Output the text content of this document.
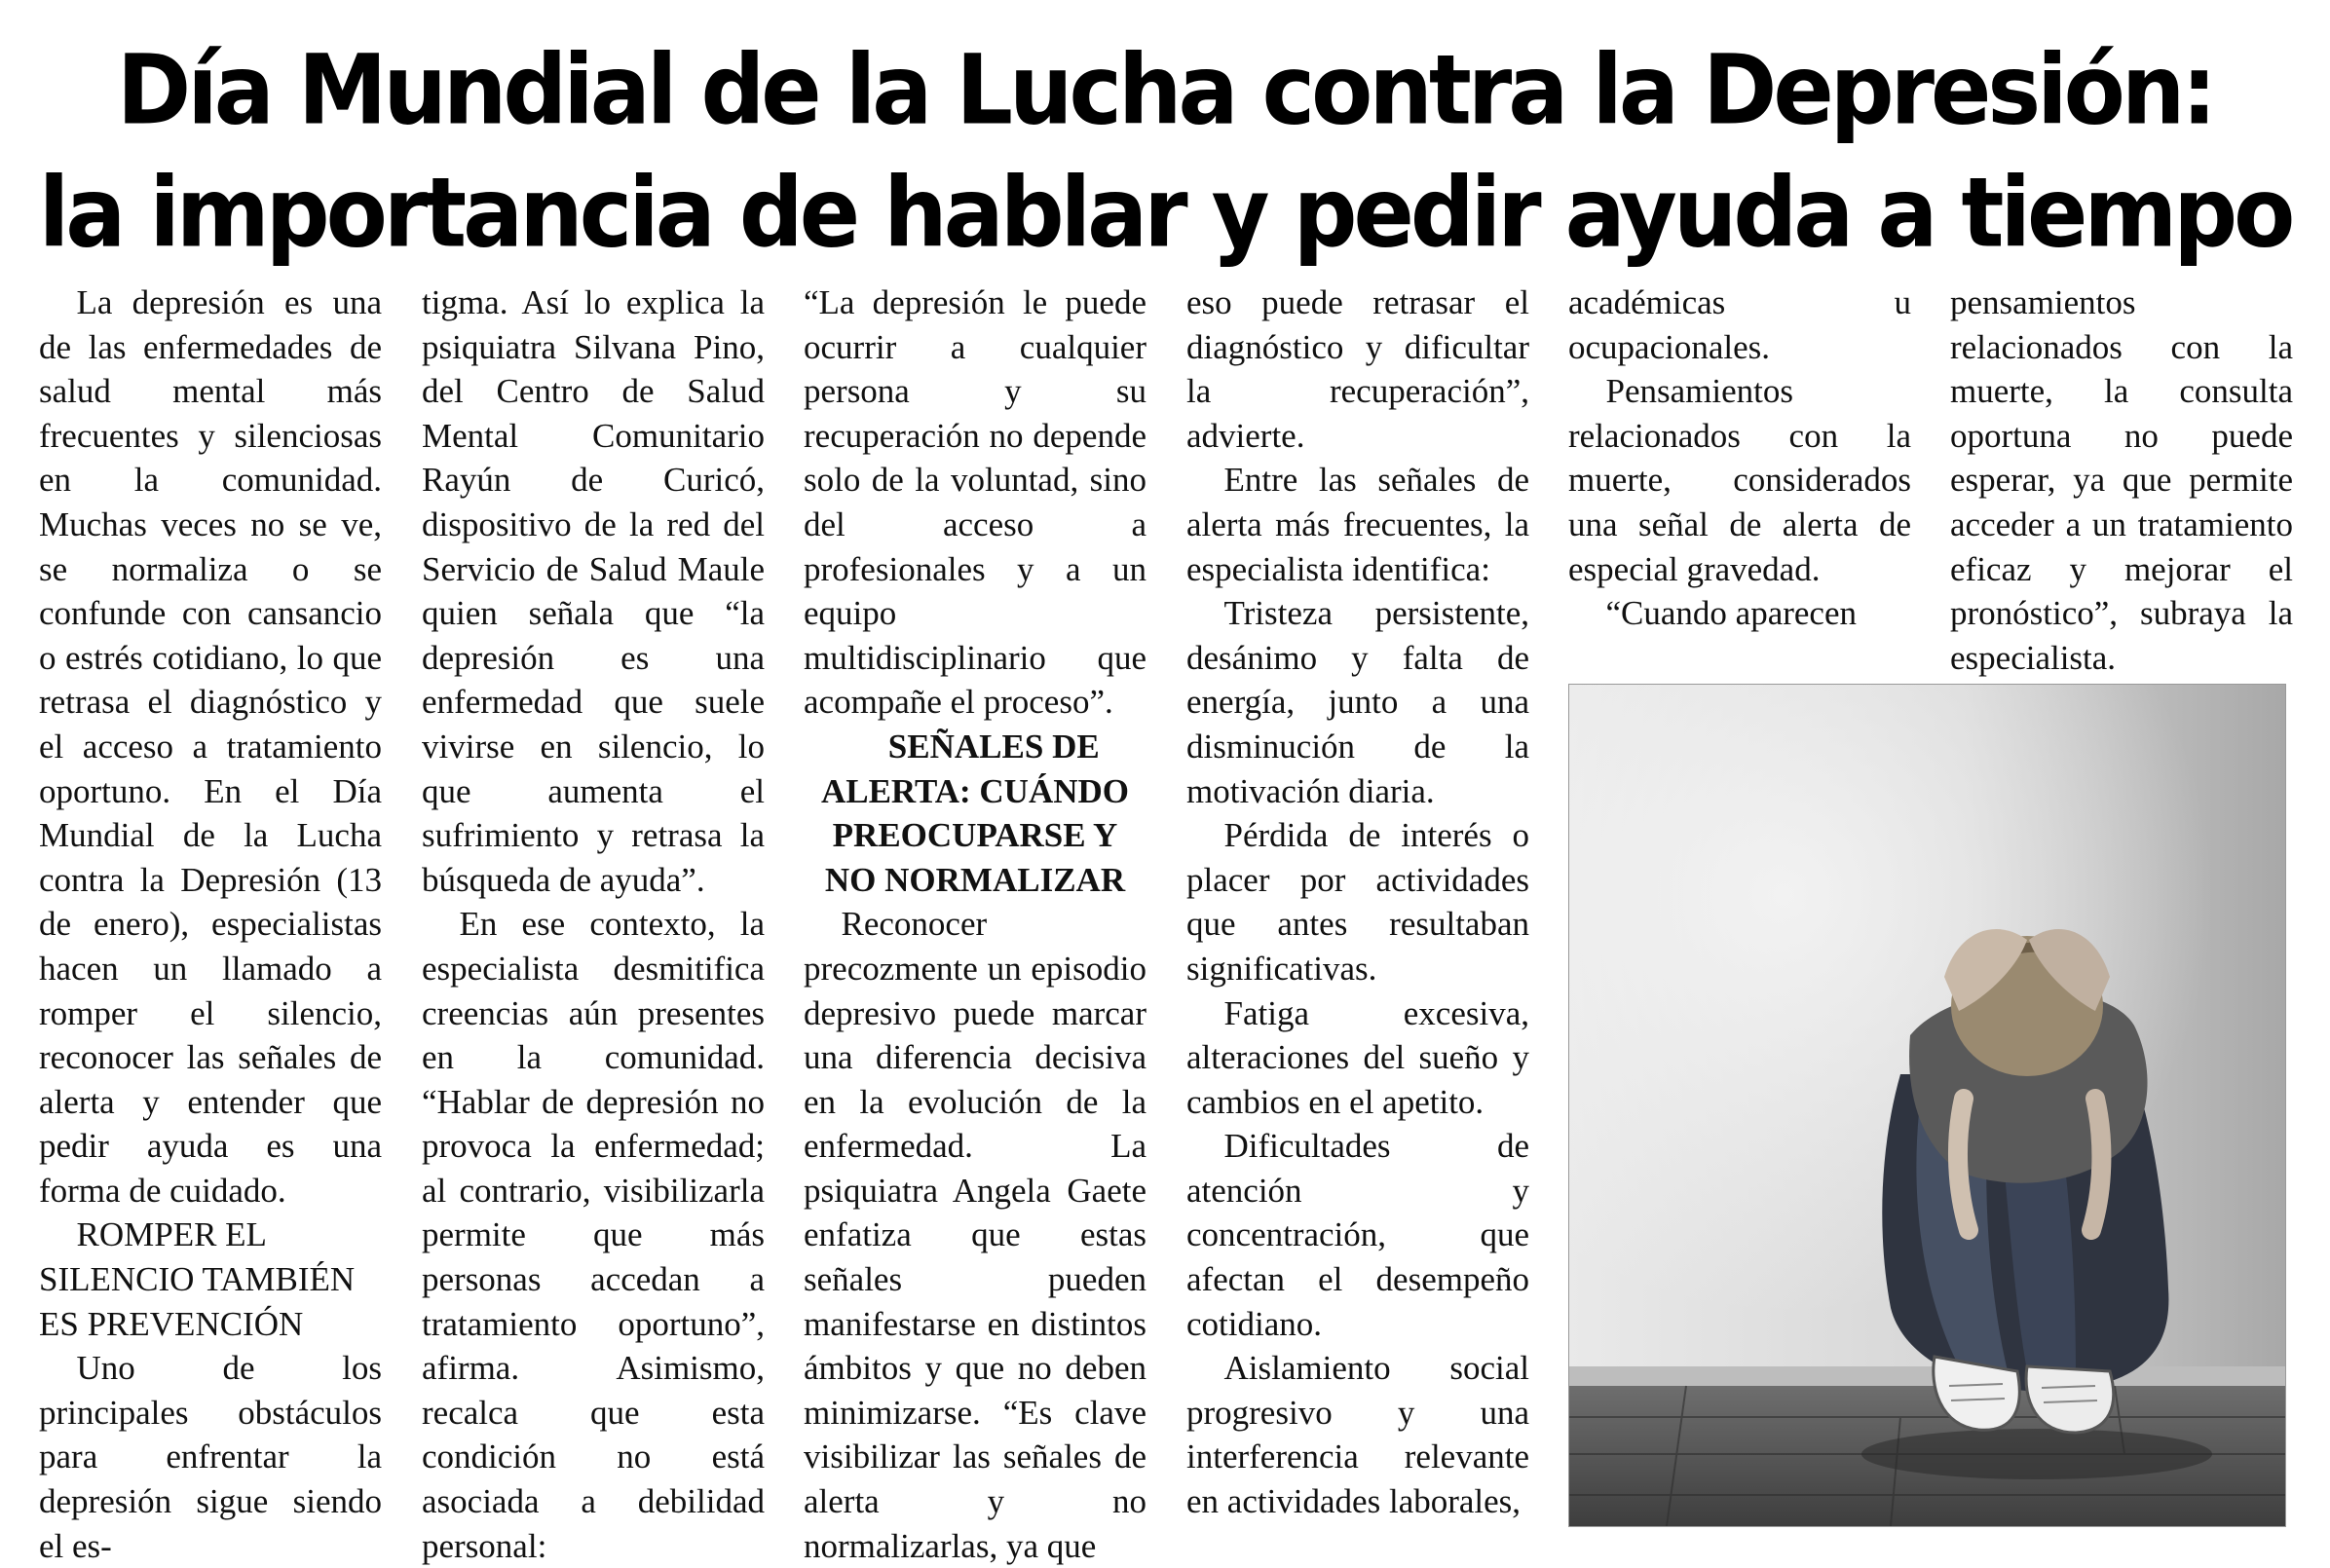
Día Mundial de la Lucha contra la Depresión:
la importancia de hablar y pedir ayuda a tiempo

La depresión es una de las enfermedades de salud mental más frecuentes y silenciosas en la comunidad. Muchas veces no se ve, se normaliza o se confunde con cansancio o estrés cotidiano, lo que retrasa el diagnóstico y el acceso a tratamiento oportuno. En el Día Mundial de la Lucha contra la Depresión (13 de enero), especialistas hacen un llamado a romper el silencio, reconocer las señales de alerta y entender que pedir ayuda es una forma de cuidado.

ROMPER EL SILENCIO TAMBIÉN ES PREVENCIÓN

Uno de los principales obstáculos para enfrentar la depresión sigue siendo el es-

tigma. Así lo explica la psiquiatra Silvana Pino, del Centro de Salud Mental Comunitario Rayún de Curicó, dispositivo de la red del Servicio de Salud Maule quien señala que “la depresión es una enfermedad que suele vivirse en silencio, lo que aumenta el sufrimiento y retrasa la búsqueda de ayuda”.

En ese contexto, la especialista desmitifica creencias aún presentes en la comunidad. “Hablar de depresión no provoca la enfermedad; al contrario, visibilizarla permite que más personas accedan a tratamiento oportuno”, afirma. Asimismo, recalca que esta condición no está asociada a debilidad personal:

“La depresión le puede ocurrir a cualquier persona y su recuperación no depende solo de la voluntad, sino del acceso a profesionales y a un equipo multidisciplinario que acompañe el proceso”.

SEÑALES DE ALERTA: CUÁNDO PREOCUPARSE Y NO NORMALIZAR

Reconocer precozmente un episodio depresivo puede marcar una diferencia decisiva en la evolución de la enfermedad. La psiquiatra Angela Gaete enfatiza que estas señales pueden manifestarse en distintos ámbitos y que no deben minimizarse. “Es clave visibilizar las señales de alerta y no normalizarlas, ya que

eso puede retrasar el diagnóstico y dificultar la recuperación”, advierte.

Entre las señales de alerta más frecuentes, la especialista identifica:

Tristeza persistente, desánimo y falta de energía, junto a una disminución de la motivación diaria.

Pérdida de interés o placer por actividades que antes resultaban significativas.

Fatiga excesiva, alteraciones del sueño y cambios en el apetito.

Dificultades de atención y concentración, que afectan el desempeño cotidiano.

Aislamiento social progresivo y una interferencia relevante en actividades laborales,

académicas u ocupacionales.

Pensamientos relacionados con la muerte, considerados una señal de alerta de especial gravedad.

“Cuando aparecen

pensamientos relacionados con la muerte, la consulta oportuna no puede esperar, ya que permite acceder a un tratamiento eficaz y mejorar el pronóstico”, subraya la especialista.
